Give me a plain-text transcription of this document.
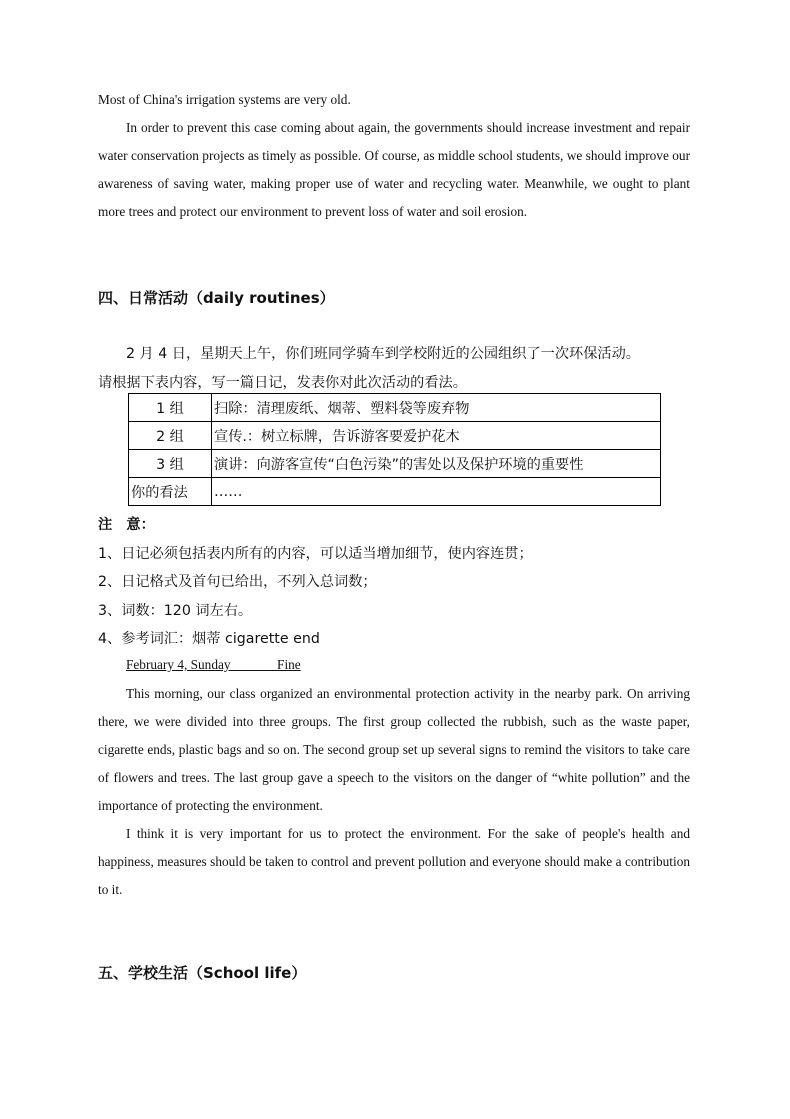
Most of China's irrigation systems are very old.

In order to prevent this case coming about again, the governments should increase investment and repair water conservation projects as timely as possible. Of course, as middle school students, we should improve our awareness of saving water, making proper use of water and recycling water. Meanwhile, we ought to plant more trees and protect our environment to prevent loss of water and soil erosion.

四、日常活动（daily routines）

2 月 4 日，星期天上午，你们班同学骑车到学校附近的公园组织了一次环保活动。

请根据下表内容，写一篇日记，发表你对此次活动的看法。

1 组	扫除：清理废纸、烟蒂、塑料袋等废弃物
2 组	宣传.：树立标牌，告诉游客要爱护花木
3 组	演讲：向游客宣传“白色污染”的害处以及保护环境的重要性
你的看法	……

注　意：

1、日记必须包括表内所有的内容，可以适当增加细节，使内容连贯；

2、日记格式及首句已给出，不列入总词数；

3、词数：120 词左右。

4、参考词汇：烟蒂 cigarette end

February 4, Sunday              Fine

This morning, our class organized an environmental protection activity in the nearby park. On arriving there, we were divided into three groups. The first group collected the rubbish, such as the waste paper, cigarette ends, plastic bags and so on. The second group set up several signs to remind the visitors to take care of flowers and trees. The last group gave a speech to the visitors on the danger of “white pollution” and the importance of protecting the environment.

I think it is very important for us to protect the environment. For the sake of people's health and happiness, measures should be taken to control and prevent pollution and everyone should make a contribution to it.

五、学校生活（School life）
